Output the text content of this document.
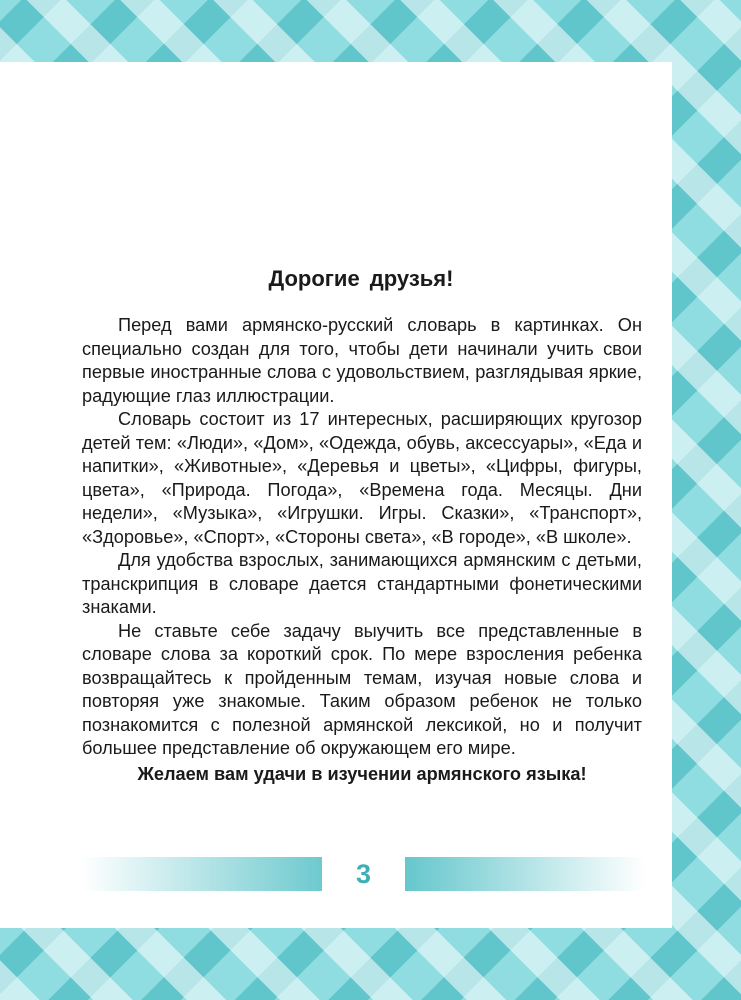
Дорогие друзья!

Перед вами армянско-русский словарь в картинках. Он специально создан для того, чтобы дети начинали учить свои первые иностранные слова с удовольствием, разглядывая яркие, радующие глаз иллюстрации.

Словарь состоит из 17 интересных, расширяющих кругозор детей тем: «Люди», «Дом», «Одежда, обувь, аксессуары», «Еда и напитки», «Животные», «Деревья и цветы», «Цифры, фигуры, цвета», «Природа. Погода», «Времена года. Месяцы. Дни недели», «Музыка», «Игрушки. Игры. Сказки», «Транспорт», «Здоровье», «Спорт», «Стороны света», «В городе», «В школе».

Для удобства взрослых, занимающихся армянским с детьми, транскрипция в словаре дается стандартными фонетическими знаками.

Не ставьте себе задачу выучить все представленные в словаре слова за короткий срок. По мере взросления ребенка возвращайтесь к пройденным темам, изучая новые слова и повторяя уже знакомые. Таким образом ребенок не только познакомится с полезной армянской лексикой, но и получит большее представление об окружающем его мире.

Желаем вам удачи в изучении армянского языка!

3
